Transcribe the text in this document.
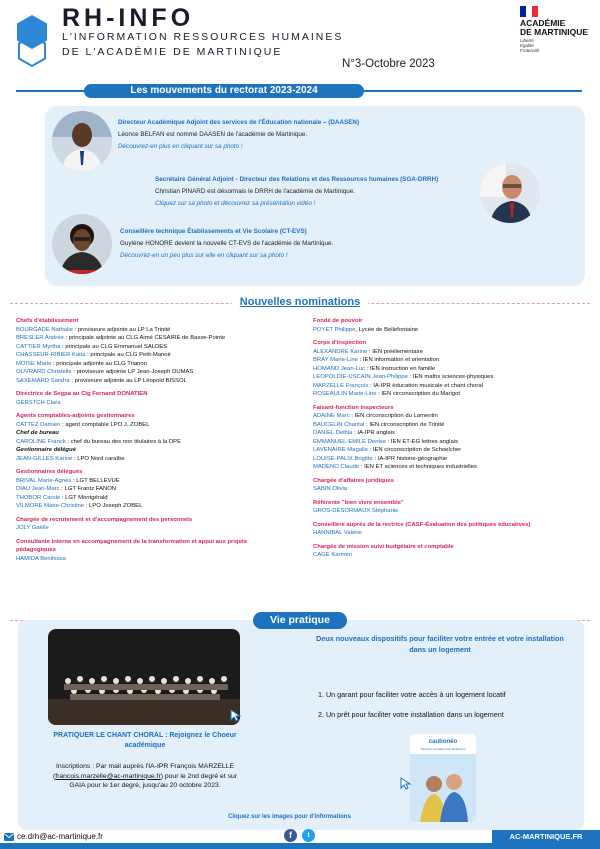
RH-INFO
L'INFORMATION RESSOURCES HUMAINES
DE L'ACADÉMIE DE MARTINIQUE
ACADÉMIE
DE MARTINIQUE
Liberté
Égalité
Fraternité
N°3-Octobre 2023
Les mouvements du rectorat 2023-2024
Directeur Académique Adjoint des services de l'Éducation nationale – (DAASEN)
Léonce BELFAN est nommé DAASEN de l'académie de Martinique.
Découvrez-en plus en cliquant sur sa photo !
Secrétaire Général Adjoint - Directeur des Relations et des Ressources humaines (SGA-DRRH)
Christian PINARD est désormais le DRRH de l'académie de Martinique.
Cliquez sur sa photo et découvrez sa présentation vidéo !
Conseillère technique Établissements et Vie Scolaire (CT-EVS)
Guylène HONORE devient la nouvelle CT-EVS de l'académie de Martinique.
Découvrez-en un peu plus sur elle en cliquant sur sa photo !
Nouvelles nominations
Chefs d'établissement
BOURGADE Nathalie : proviseure adjointe au LP La Trinité
BRESLER Andrée : principale adjointe au CLG Aimé CESAIRE de Basse-Pointe
CATTIER Myrtha : principale au CLG Emmanuel SALDES
CHASSEUR-RIBIER Katia : principale au CLG Petit-Manoir
MOISE Marie : principale adjointe au CLG Trianon
OUVRARD Christelle : proviseure adjointe LP Jean-Joseph DUMAS
SAXEMARD Sandra : proviseure adjointe au LP Léopold BISSOL
Directrice de Segpa au Clg Fernand DONATIEN
GERSTCH Clara
Agents comptables-adjoints gestionnaires
CATTEZ Damien : agent comptable LPO J. ZOBEL
Chef de bureau
CAROLINE Franck : chef du bureau des non titulaires à la DPE
Gestionnaire délégué
JEAN-GILLES Karine : LPO Nord caraïbe
Gestionnaires délégués
BRIVAL Marie-Agnès : LGT BELLEVUE
DIAU Jean-Marc : LGT Frantz FANON
THOBOR Carole : LGT Montgérald
VILMORE Marie-Christine : LPO Joseph ZOBEL
Chargée de recrutement et d'accompagnement des personnels
JOLY Gaëlle
Consultante interne en accompagnement de la transformation et appui aux projets
pédagogiques
HAMIDA Benihissa
Fondé de pouvoir
POYET Philippe, Lycée de Bellefontaine
Corps d'inspection
ALEXANDRE Karine : IEN préélementaire
BRAY Marie-Line : IEN information et orientation
HOMAND Jean-Luc : IEN instruction en famille
LEOPOLDIE-USCAIN Jean-Philippe : IEN maths sciences-physiques
MARZELLE François : IA-IPR éducation musicale et chant choral
ROSEAULIN Marie-Line : IEN circonscription du Marigot
Faisant-fonction inspecteurs
ADAINE Marc : IEN circonscription du Lamentin
BAUCELIN Chantal : IEN circonscription de Trinité
DANIEL Delhia : IA-IPR anglais
EMMANUEL-EMILE Denise : IEN ET-EG lettres anglais
LAVENAIRE Magalie : IEN circonscription de Schoelcher
LOUISE-PALIX Brigitte : IA-IPR histoire-géographie
MADENO Claude : IEN ET sciences et techniques industrielles
Chargée d'affaires juridiques
SABIN Olivia
Référente "bien vivre ensemble"
GROS-DÉSORMAUX Stéphanie
Conseillère auprès de la rectrice (CASF-Évaluation des politiques éducatives)
HANNIBAL Valérie
Chargée de mission suivi budgétaire et comptable
CAGE Karmen
Vie pratique
PRATIQUER LE CHANT CHORAL : Rejoignez le Choeur académique
Inscriptions : Par mail auprès l'IA-IPR François MARZELLE (francois.marzelle@ac-martinique.fr) pour le 2nd degré et sur GAIA pour le 1er degré, jusqu'au 20 octobre 2023.
Deux nouveaux dispositifs pour faciliter votre entrée et votre installation dans un logement
1. Un garant pour faciliter votre accès à un logement locatif
2. Un prêt pour faciliter votre installation dans un logement
cautionéo
Devenez locataire plus facilement
Cliquez sur les images pour d'informations
ce.drh@ac-martinique.fr	f	t	AC-MARTINIQUE.FR
